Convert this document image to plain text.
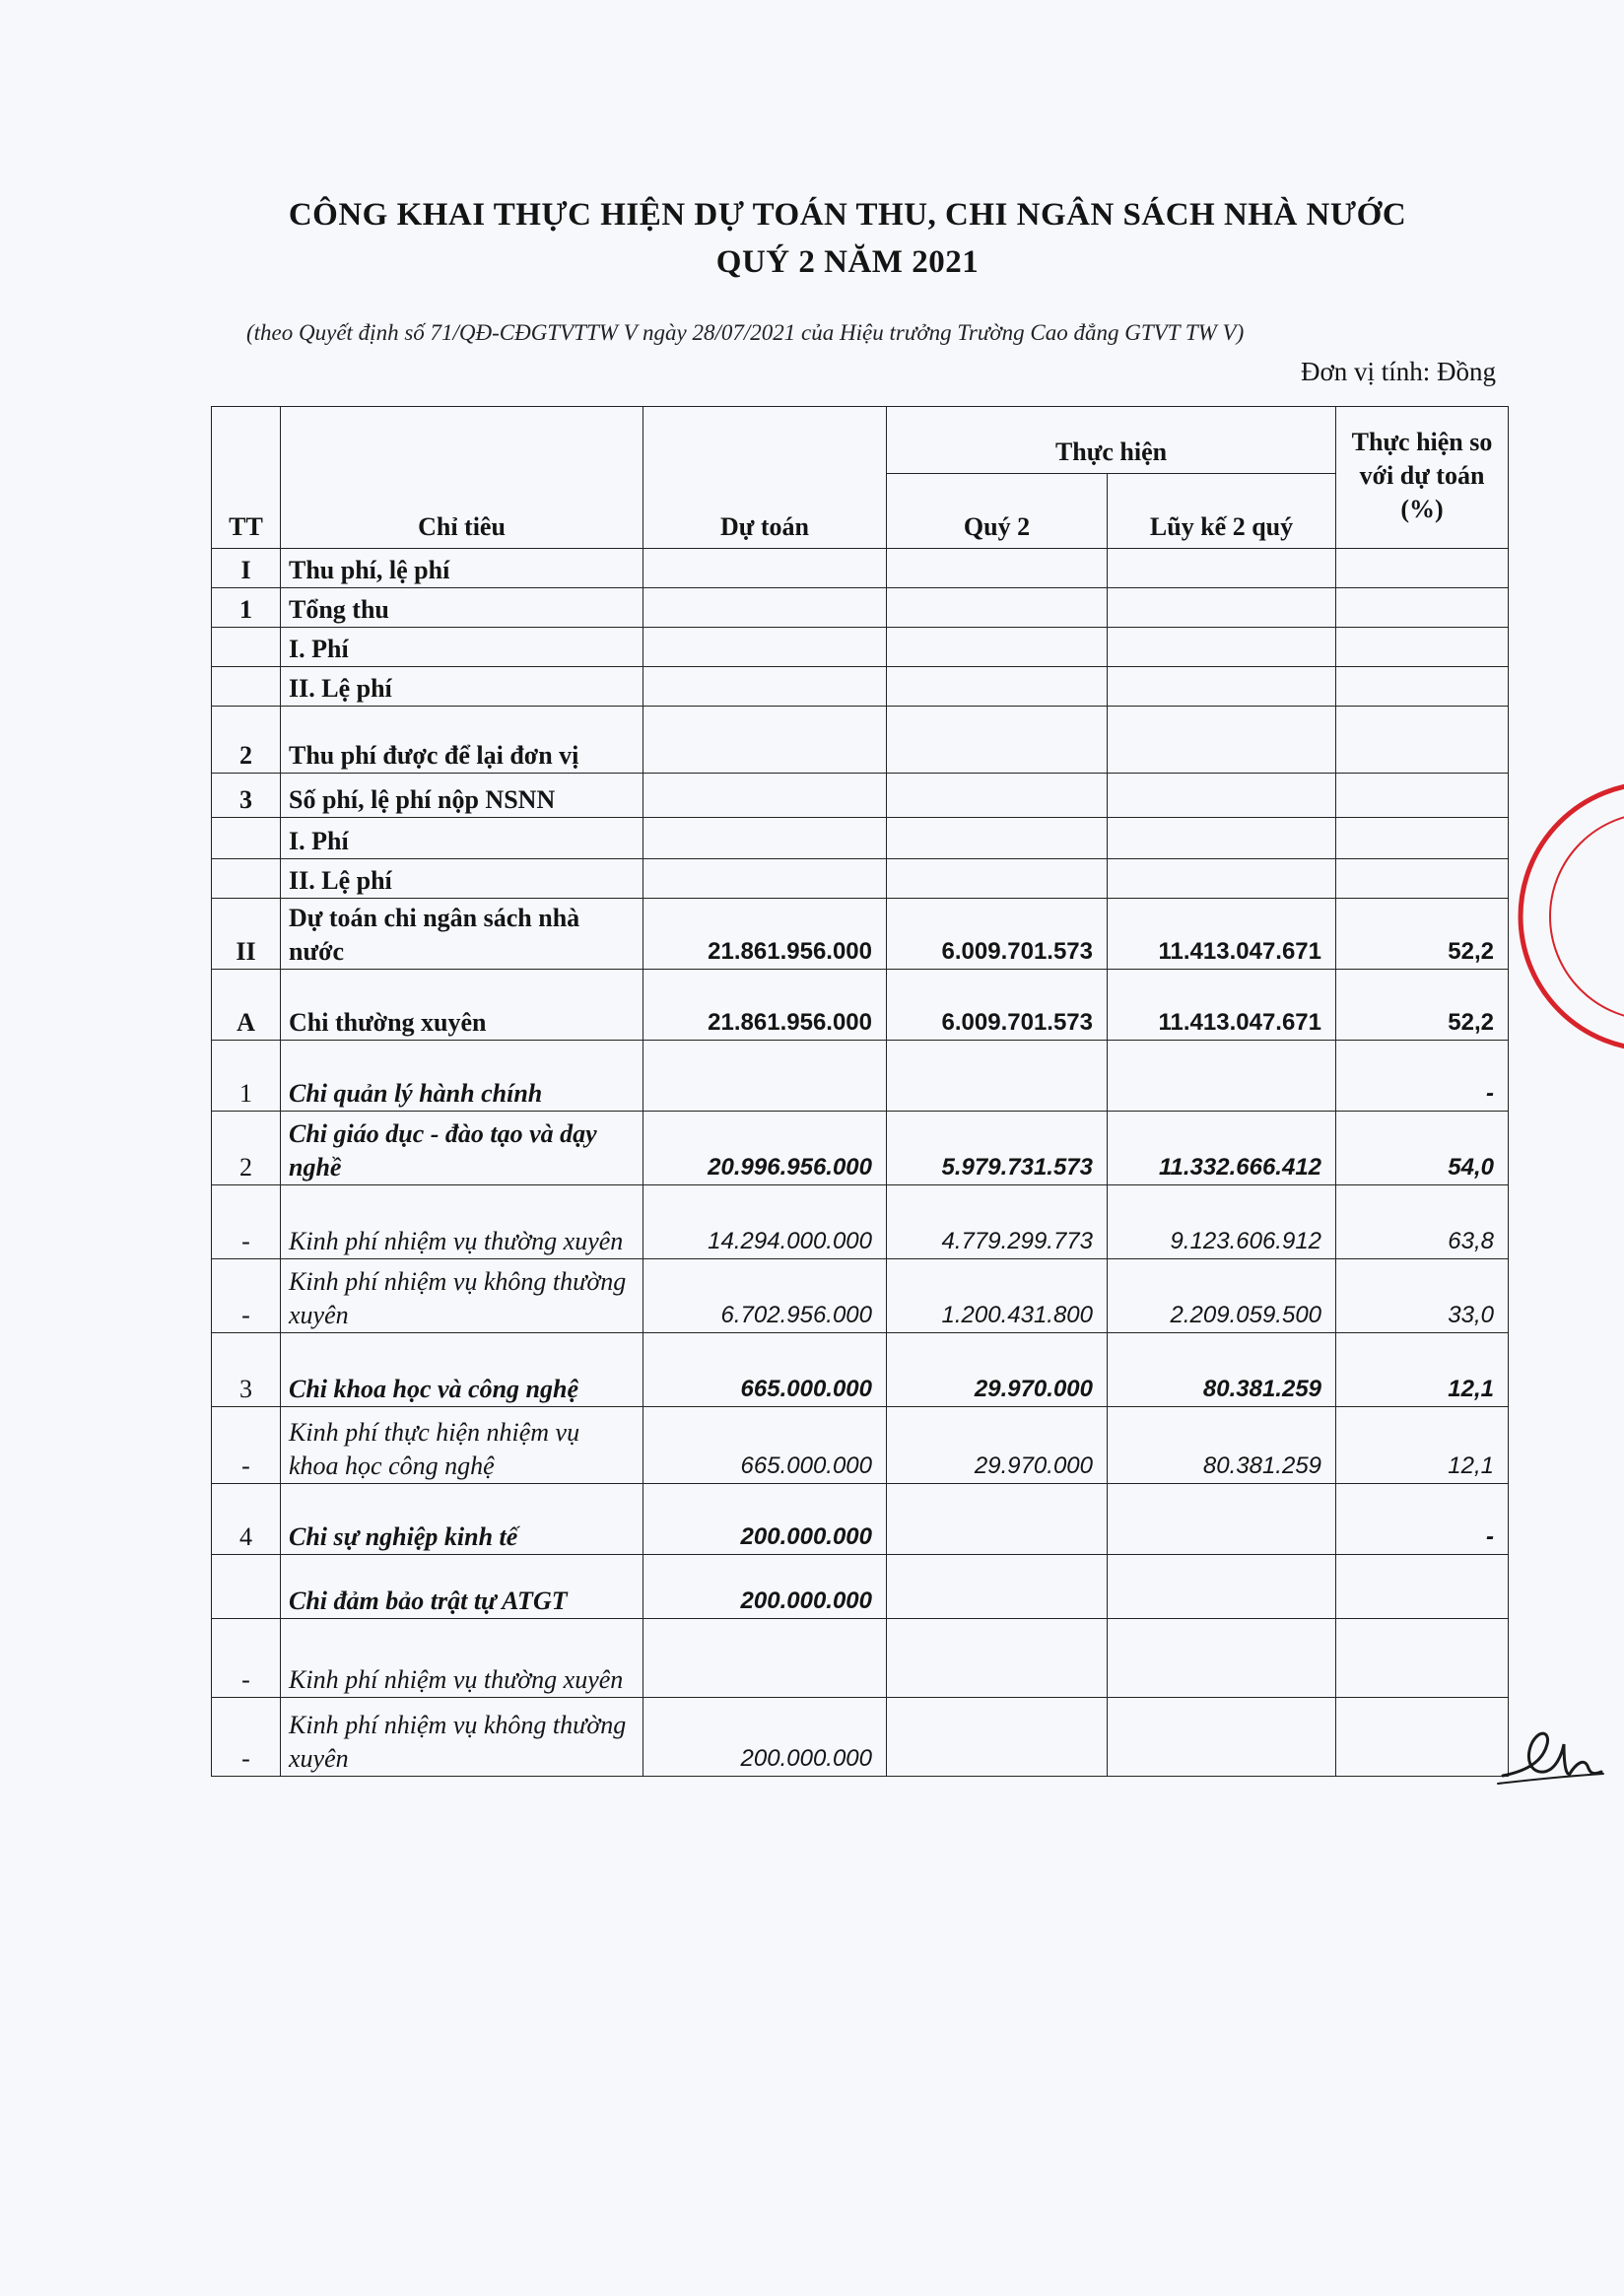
CÔNG KHAI THỰC HIỆN DỰ TOÁN THU, CHI NGÂN SÁCH NHÀ NƯỚC
QUÝ 2 NĂM 2021
(theo Quyết định số 71/QĐ-CĐGTVTTW V ngày 28/07/2021 của Hiệu trưởng Trường Cao đẳng GTVT TW V)
Đơn vị tính: Đồng
TT	Chỉ tiêu	Dự toán	Thực hiện		Thực hiện so với dự toán (%)
			Quý 2	Lũy kế 2 quý	
I	Thu phí, lệ phí				
1	Tổng thu				
	I. Phí				
	II. Lệ phí				
2	Thu phí được để lại đơn vị				
3	Số phí, lệ phí nộp NSNN				
	I. Phí				
	II. Lệ phí				
II	Dự toán chi ngân sách nhà nước	21.861.956.000	6.009.701.573	11.413.047.671	52,2
A	Chi thường xuyên	21.861.956.000	6.009.701.573	11.413.047.671	52,2
1	Chi quản lý hành chính				-
2	Chi giáo dục - đào tạo và dạy nghề	20.996.956.000	5.979.731.573	11.332.666.412	54,0
-	Kinh phí nhiệm vụ thường xuyên	14.294.000.000	4.779.299.773	9.123.606.912	63,8
-	Kinh phí nhiệm vụ không thường xuyên	6.702.956.000	1.200.431.800	2.209.059.500	33,0
3	Chi khoa học và công nghệ	665.000.000	29.970.000	80.381.259	12,1
-	Kinh phí thực hiện nhiệm vụ khoa học công nghệ	665.000.000	29.970.000	80.381.259	12,1
4	Chi sự nghiệp kinh tế	200.000.000			-
	Chi đảm bảo trật tự ATGT	200.000.000			
-	Kinh phí nhiệm vụ thường xuyên				
-	Kinh phí nhiệm vụ không thường xuyên	200.000.000			
